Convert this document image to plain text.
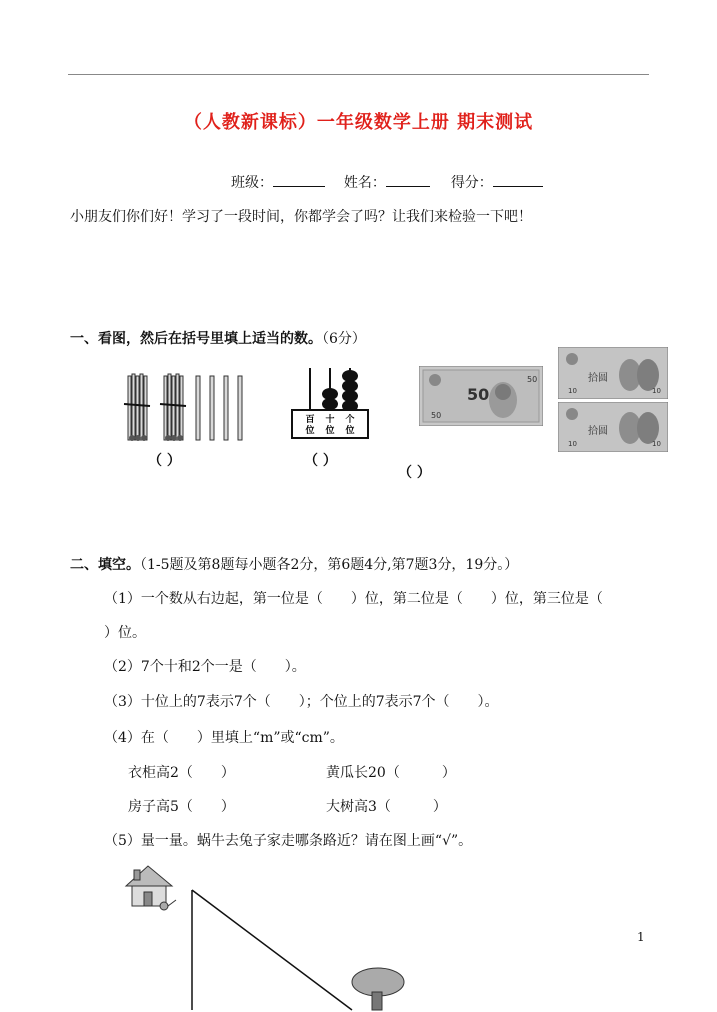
（人教新课标）一年级数学上册 期末测试
班级：	姓名：	得分：
小朋友们你们好！学习了一段时间，你都学会了吗？让我们来检验一下吧！
一、看图，然后在括号里填上适当的数。（6分）
（ ）
百
位
十
位
个
位
（ ）
50
50
50
拾圆
10	10
拾圆
10	10
（ ）
二、填空。（1-5题及第8题每小题各2分，第6题4分,第7题3分，19分。）
（1）一个数从右边起，第一位是（　　）位，第二位是（　　）位，第三位是（
）位。
（2）7个十和2个一是（　　）。
（3）十位上的7表示7个（　　）；个位上的7表示7个（　　）。
（4）在（　　）里填上“m”或“cm”。
衣柜高2（　　）	黄瓜长20（　　　）
房子高5（　　）	大树高3（　　　）
（5）量一量。蜗牛去兔子家走哪条路近？请在图上画“√”。
1
